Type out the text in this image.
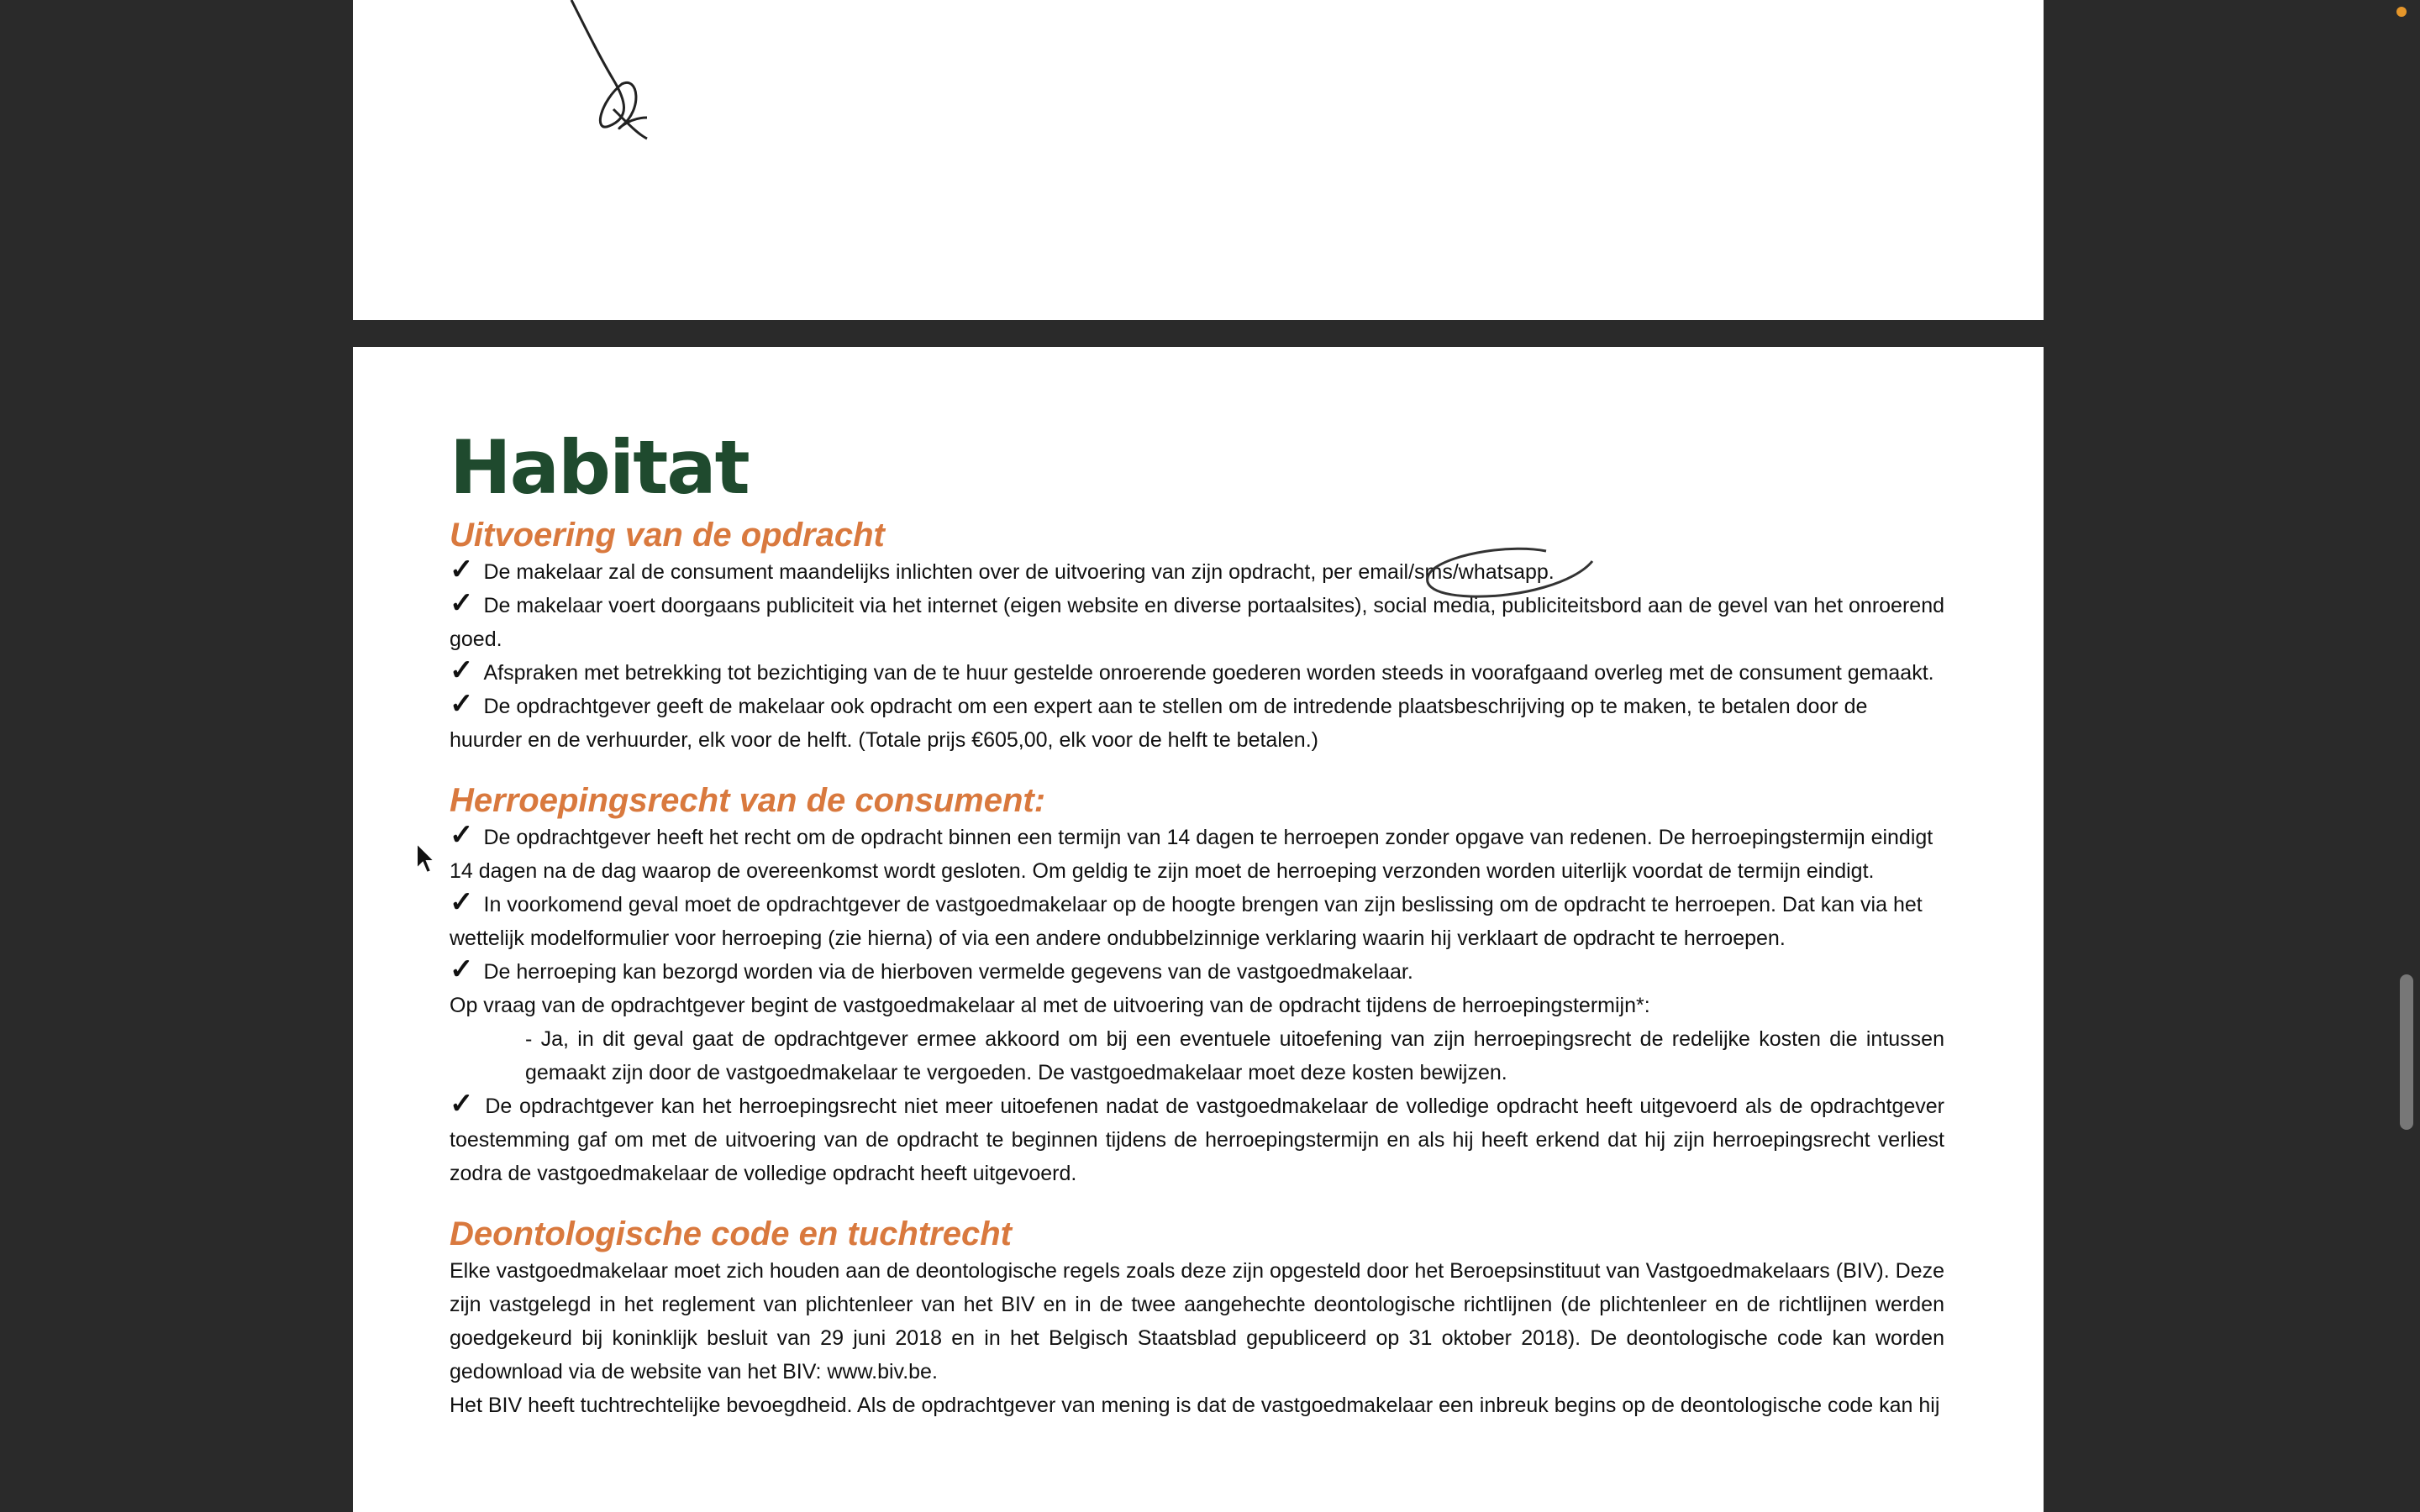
Habitat
Uitvoering van de opdracht

✓ De makelaar zal de consument maandelijks inlichten over de uitvoering van zijn opdracht, per email/sms/whatsapp.

✓ De makelaar voert doorgaans publiciteit via het internet (eigen website en diverse portaalsites), social media, publiciteitsbord aan de gevel van het onroerend goed.

✓ Afspraken met betrekking tot bezichtiging van de te huur gestelde onroerende goederen worden steeds in voorafgaand overleg met de consument gemaakt.

✓ De opdrachtgever geeft de makelaar ook opdracht om een expert aan te stellen om de intredende plaatsbeschrijving op te maken, te betalen door de huurder en de verhuurder, elk voor de helft. (Totale prijs €605,00, elk voor de helft te betalen.)

Herroepingsrecht van de consument:

✓ De opdrachtgever heeft het recht om de opdracht binnen een termijn van 14 dagen te herroepen zonder opgave van redenen. De herroepingstermijn eindigt 14 dagen na de dag waarop de overeenkomst wordt gesloten. Om geldig te zijn moet de herroeping verzonden worden uiterlijk voordat de termijn eindigt.

✓ In voorkomend geval moet de opdrachtgever de vastgoedmakelaar op de hoogte brengen van zijn beslissing om de opdracht te herroepen. Dat kan via het wettelijk modelformulier voor herroeping (zie hierna) of via een andere ondubbelzinnige verklaring waarin hij verklaart de opdracht te herroepen.

✓ De herroeping kan bezorgd worden via de hierboven vermelde gegevens van de vastgoedmakelaar.

Op vraag van de opdrachtgever begint de vastgoedmakelaar al met de uitvoering van de opdracht tijdens de herroepingstermijn*:

- Ja, in dit geval gaat de opdrachtgever ermee akkoord om bij een eventuele uitoefening van zijn herroepingsrecht de redelijke kosten die intussen gemaakt zijn door de vastgoedmakelaar te vergoeden. De vastgoedmakelaar moet deze kosten bewijzen.

✓ De opdrachtgever kan het herroepingsrecht niet meer uitoefenen nadat de vastgoedmakelaar de volledige opdracht heeft uitgevoerd als de opdrachtgever toestemming gaf om met de uitvoering van de opdracht te beginnen tijdens de herroepingstermijn en als hij heeft erkend dat hij zijn herroepingsrecht verliest zodra de vastgoedmakelaar de volledige opdracht heeft uitgevoerd.

Deontologische code en tuchtrecht

Elke vastgoedmakelaar moet zich houden aan de deontologische regels zoals deze zijn opgesteld door het Beroepsinstituut van Vastgoedmakelaars (BIV). Deze zijn vastgelegd in het reglement van plichtenleer van het BIV en in de twee aangehechte deontologische richtlijnen (de plichtenleer en de richtlijnen werden goedgekeurd bij koninklijk besluit van 29 juni 2018 en in het Belgisch Staatsblad gepubliceerd op 31 oktober 2018). De deontologische code kan worden gedownload via de website van het BIV: www.biv.be.

Het BIV heeft tuchtrechtelijke bevoegdheid. Als de opdrachtgever van mening is dat de vastgoedmakelaar een inbreuk begins op de deontologische code kan hij
